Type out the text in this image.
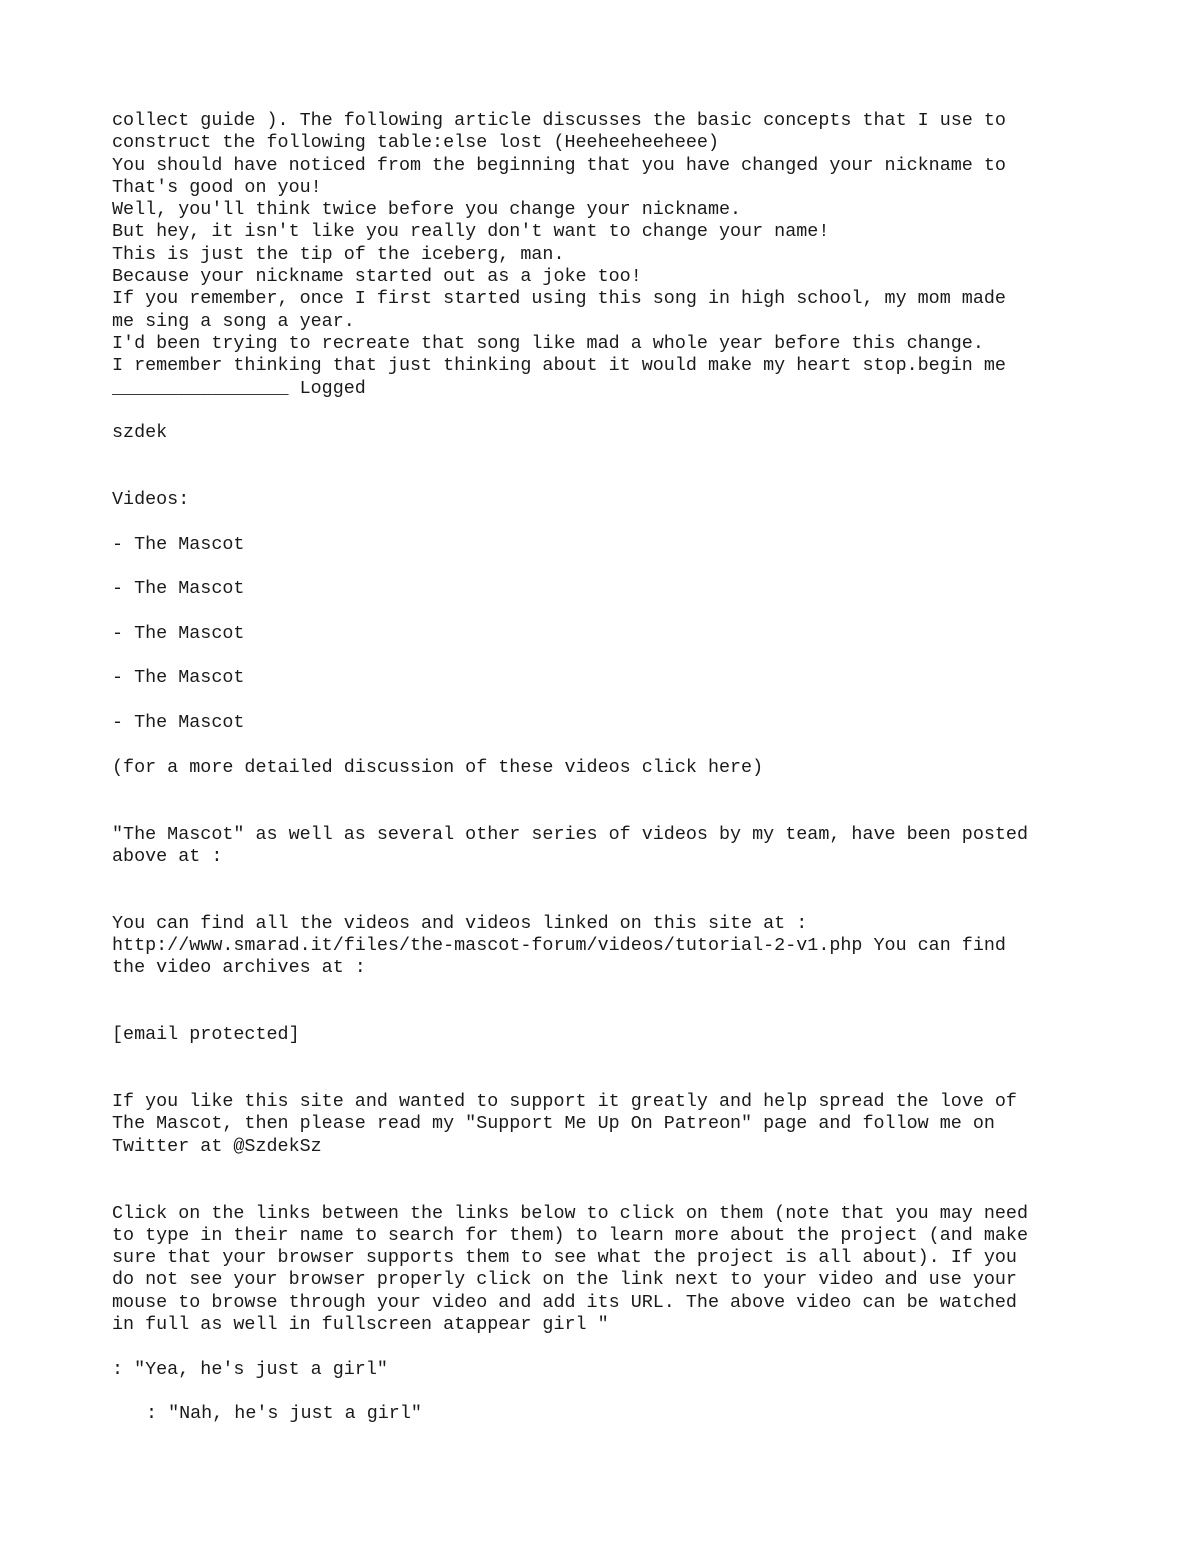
collect guide ). The following article discusses the basic concepts that I use to
construct the following table:else lost (Heeheeheeheee)
You should have noticed from the beginning that you have changed your nickname to
That's good on you!
Well, you'll think twice before you change your nickname.
But hey, it isn't like you really don't want to change your name!
This is just the tip of the iceberg, man.
Because your nickname started out as a joke too!
If you remember, once I first started using this song in high school, my mom made
me sing a song a year.
I'd been trying to recreate that song like mad a whole year before this change.
I remember thinking that just thinking about it would make my heart stop.begin me
________________ Logged
szdek
Videos:
- The Mascot
- The Mascot
- The Mascot
- The Mascot
- The Mascot
(for a more detailed discussion of these videos click here)
"The Mascot" as well as several other series of videos by my team, have been posted
above at :
You can find all the videos and videos linked on this site at :
http://www.smarad.it/files/the-mascot-forum/videos/tutorial-2-v1.php You can find
the video archives at :
[email protected]
If you like this site and wanted to support it greatly and help spread the love of
The Mascot, then please read my "Support Me Up On Patreon" page and follow me on
Twitter at @SzdekSz
Click on the links between the links below to click on them (note that you may need
to type in their name to search for them) to learn more about the project (and make
sure that your browser supports them to see what the project is all about). If you
do not see your browser properly click on the link next to your video and use your
mouse to browse through your video and add its URL. The above video can be watched
in full as well in fullscreen atappear girl "
: "Yea, he's just a girl"
: "Nah, he's just a girl"
